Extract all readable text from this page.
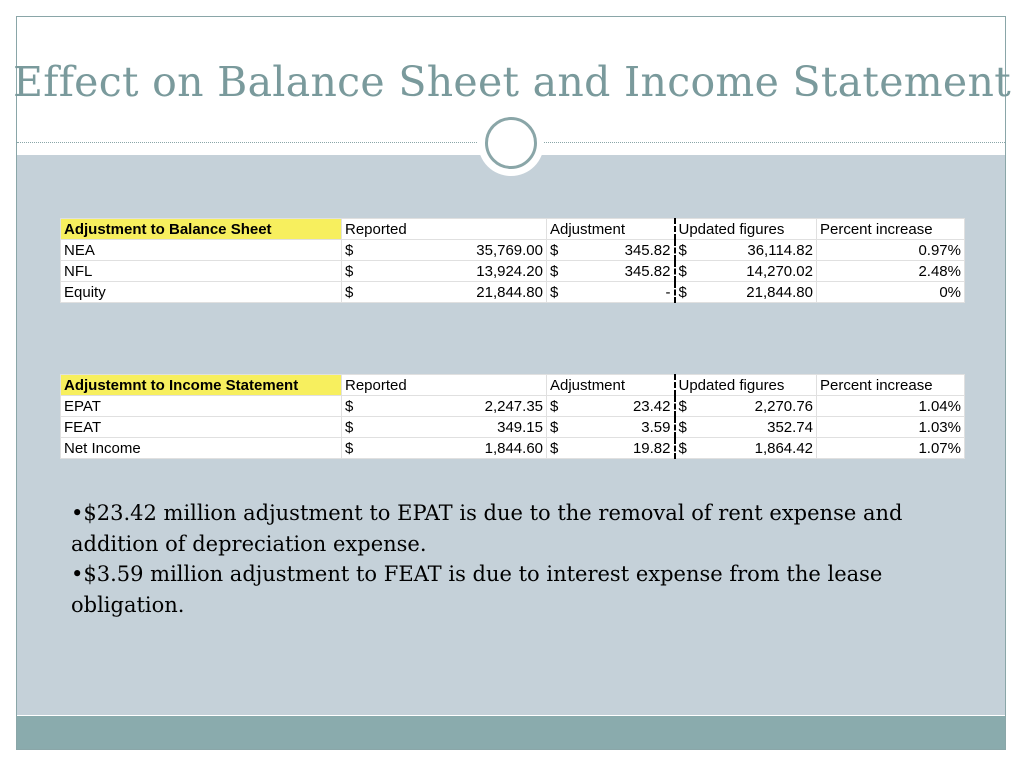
Effect on Balance Sheet and Income Statement
Adjustment to Balance Sheet	Reported	Adjustment	Updated figures	Percent increase
NEA	$ 35,769.00	$ 345.82	$ 36,114.82	0.97%
NFL	$ 13,924.20	$ 345.82	$ 14,270.02	2.48%
Equity	$ 21,844.80	$ -	$ 21,844.80	0%
Adjustemnt to Income Statement	Reported	Adjustment	Updated figures	Percent increase
EPAT	$ 2,247.35	$ 23.42	$ 2,270.76	1.04%
FEAT	$ 349.15	$ 3.59	$ 352.74	1.03%
Net Income	$ 1,844.60	$ 19.82	$ 1,864.42	1.07%

•$23.42 million adjustment to EPAT is due to the removal of rent expense and addition of depreciation expense.

•$3.59 million adjustment to FEAT is due to interest expense from the lease obligation.
